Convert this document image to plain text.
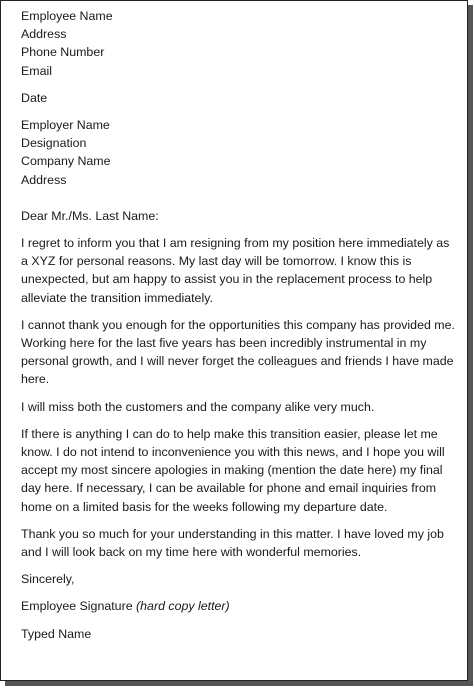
Employee Name
Address
Phone Number
Email
Date
Employer Name
Designation
Company Name
Address

Dear Mr./Ms. Last Name:

I regret to inform you that I am resigning from my position here immediately as a XYZ for personal reasons. My last day will be tomorrow. I know this is unexpected, but am happy to assist you in the replacement process to help alleviate the transition immediately.

I cannot thank you enough for the opportunities this company has provided me. Working here for the last five years has been incredibly instrumental in my personal growth, and I will never forget the colleagues and friends I have made here.

I will miss both the customers and the company alike very much.

If there is anything I can do to help make this transition easier, please let me know. I do not intend to inconvenience you with this news, and I hope you will accept my most sincere apologies in making (mention the date here) my final day here. If necessary, I can be available for phone and email inquiries from home on a limited basis for the weeks following my departure date.

Thank you so much for your understanding in this matter. I have loved my job and I will look back on my time here with wonderful memories.

Sincerely,

Employee Signature (hard copy letter)

Typed Name
